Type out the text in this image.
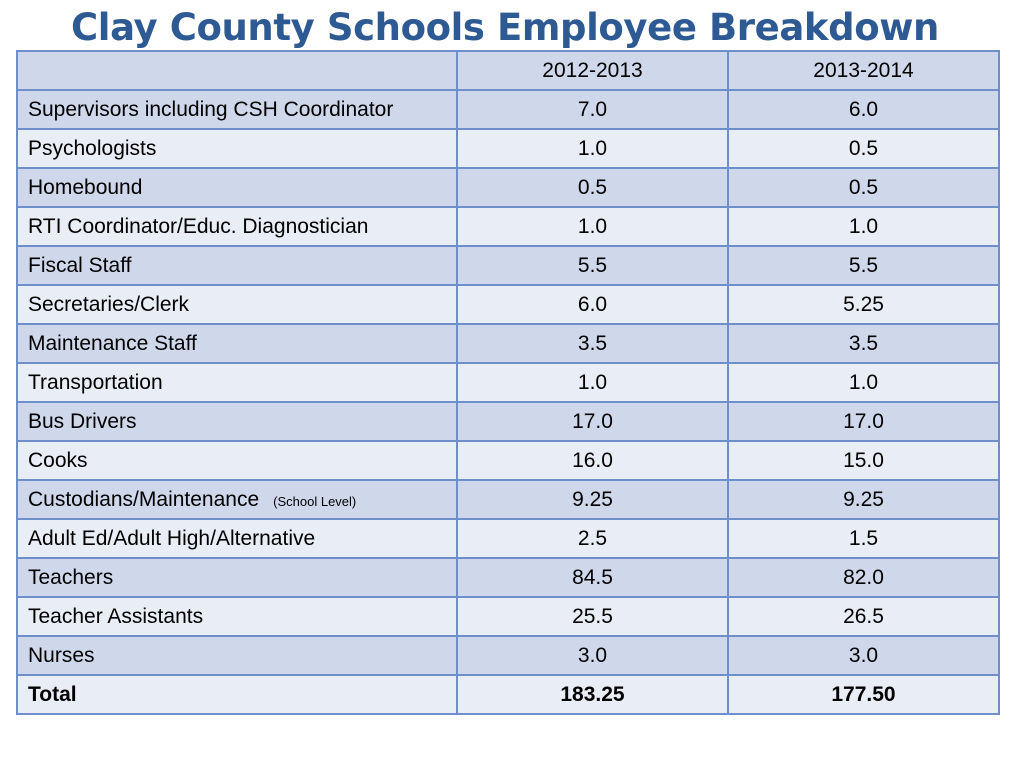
Clay County Schools Employee Breakdown
	2012-2013	2013-2014
Supervisors including CSH Coordinator	7.0	6.0
Psychologists	1.0	0.5
Homebound	0.5	0.5
RTI Coordinator/Educ. Diagnostician	1.0	1.0
Fiscal Staff	5.5	5.5
Secretaries/Clerk	6.0	5.25
Maintenance Staff	3.5	3.5
Transportation	1.0	1.0
Bus Drivers	17.0	17.0
Cooks	16.0	15.0
Custodians/Maintenance (School Level)	9.25	9.25
Adult Ed/Adult High/Alternative	2.5	1.5
Teachers	84.5	82.0
Teacher Assistants	25.5	26.5
Nurses	3.0	3.0
Total	183.25	177.50
